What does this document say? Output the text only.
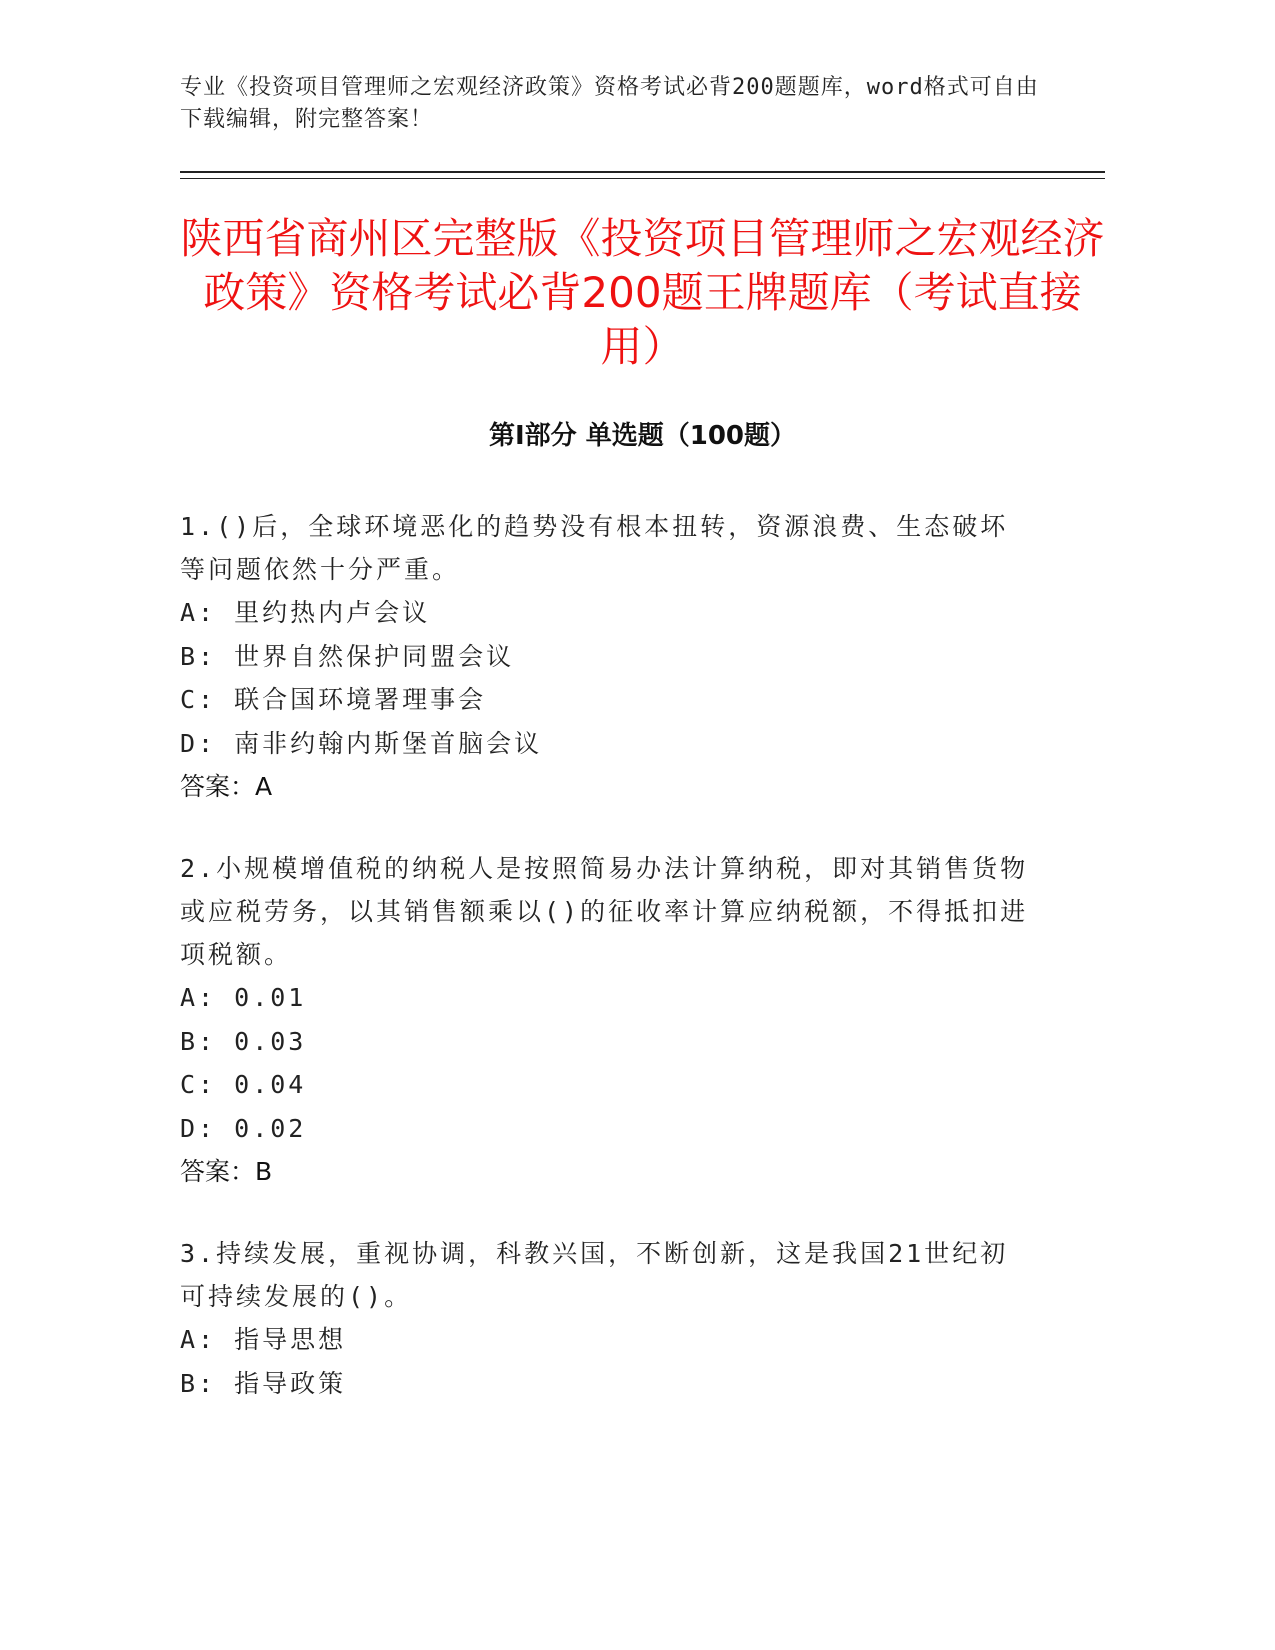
专业《投资项目管理师之宏观经济政策》资格考试必背200题题库，word格式可自由下载编辑，附完整答案！
陕西省商州区完整版《投资项目管理师之宏观经济政策》资格考试必背200题王牌题库（考试直接用）
第I部分 单选题（100题）
1.()后，全球环境恶化的趋势没有根本扭转，资源浪费、生态破坏等问题依然十分严重。
A: 里约热内卢会议
B: 世界自然保护同盟会议
C: 联合国环境署理事会
D: 南非约翰内斯堡首脑会议
答案：A
2.小规模增值税的纳税人是按照简易办法计算纳税，即对其销售货物或应税劳务，以其销售额乘以()的征收率计算应纳税额，不得抵扣进项税额。
A: 0.01
B: 0.03
C: 0.04
D: 0.02
答案：B
3.持续发展，重视协调，科教兴国，不断创新，这是我国21世纪初可持续发展的()。
A: 指导思想
B: 指导政策
